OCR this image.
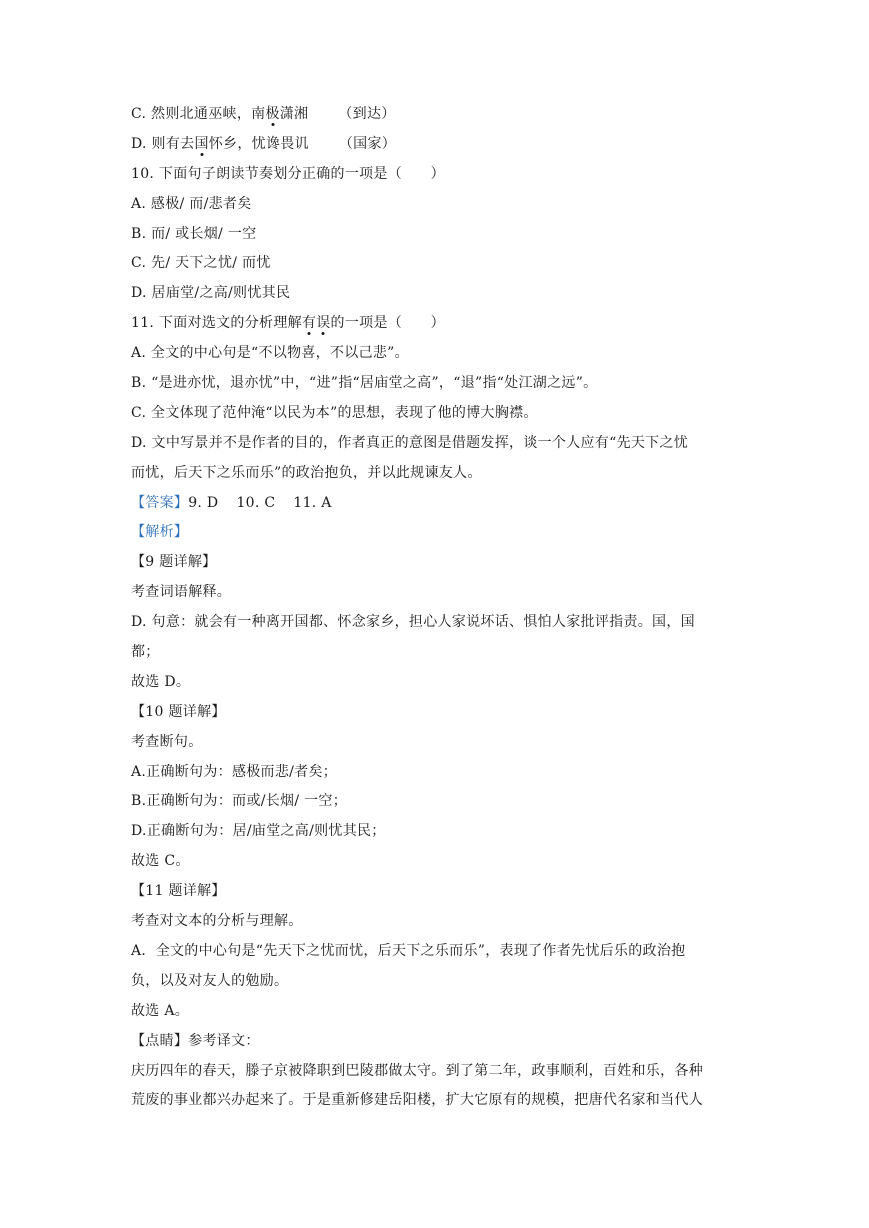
C. 然则北通巫峡，南极潇湘 （到达）
D. 则有去国怀乡，忧谗畏讥 （国家）
10. 下面句子朗读节奏划分正确的一项是（　　）
A. 感极/ 而/悲者矣
B. 而/ 或长烟/ 一空
C. 先/ 天下之忧/ 而忧
D. 居庙堂/之高/则忧其民
11. 下面对选文的分析理解有误的一项是（　　）
A. 全文的中心句是“不以物喜，不以己悲”。
B. “是进亦忧，退亦忧”中，“进”指“居庙堂之高”，“退”指“处江湖之远”。
C. 全文体现了范仲淹“以民为本”的思想，表现了他的博大胸襟。
D. 文中写景并不是作者的目的，作者真正的意图是借题发挥，谈一个人应有“先天下之忧
而忧，后天下之乐而乐”的政治抱负，并以此规谏友人。
【答案】9. D 10. C 11. A
【解析】
【9 题详解】
考查词语解释。
D. 句意：就会有一种离开国都、怀念家乡，担心人家说坏话、惧怕人家批评指责。国，国
都；
故选 D。
【10 题详解】
考查断句。
A.正确断句为：感极而悲/者矣；
B.正确断句为：而或/长烟/ 一空；
D.正确断句为：居/庙堂之高/则忧其民；
故选 C。
【11 题详解】
考查对文本的分析与理解。
A．全文的中心句是“先天下之忧而忧，后天下之乐而乐”，表现了作者先忧后乐的政治抱
负，以及对友人的勉励。
故选 A。
【点睛】参考译文：
庆历四年的春天，滕子京被降职到巴陵郡做太守。到了第二年，政事顺利，百姓和乐，各种
荒废的事业都兴办起来了。于是重新修建岳阳楼，扩大它原有的规模，把唐代名家和当代人
